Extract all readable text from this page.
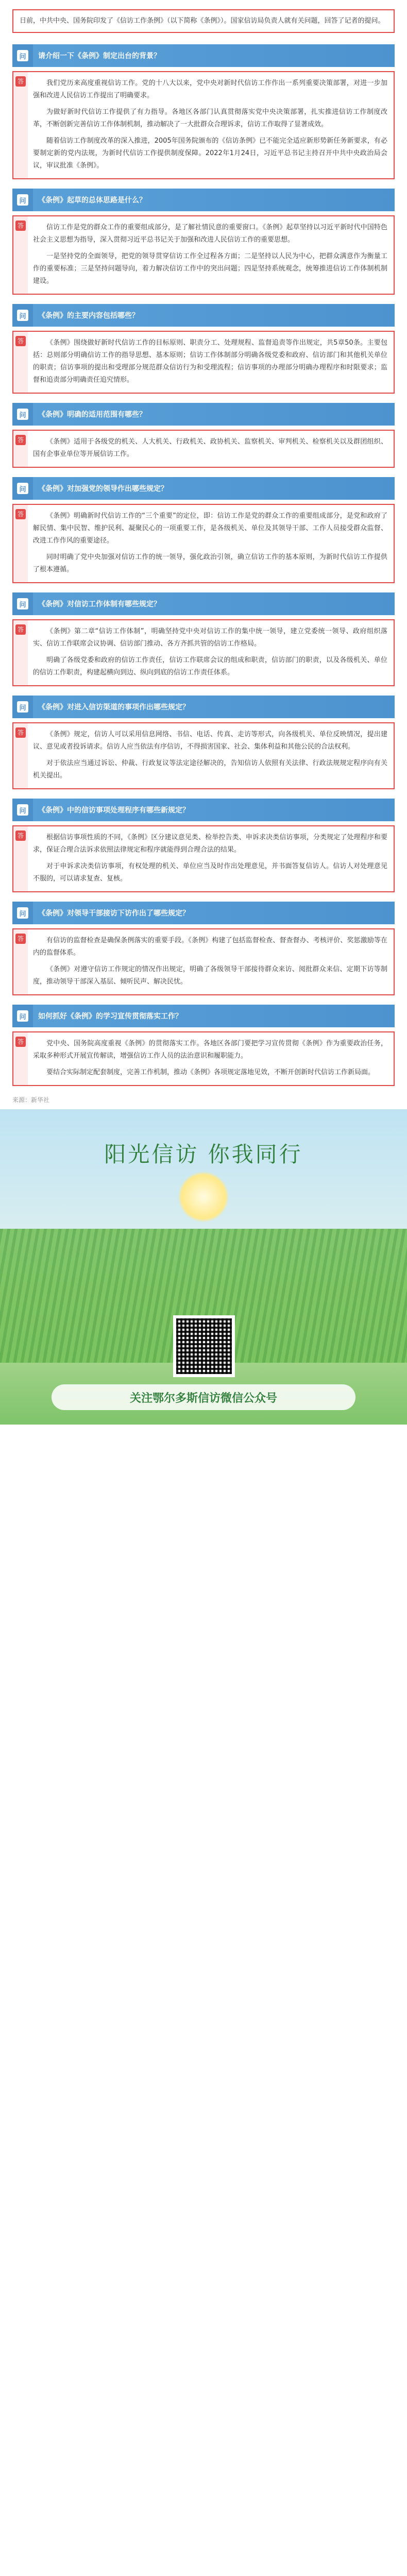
日前，中共中央、国务院印发了《信访工作条例》（以下简称《条例》）。国家信访局负责人就有关问题，回答了记者的提问。
问	请介绍一下《条例》制定出台的背景？
答	我们党历来高度重视信访工作。党的十八大以来，党中央对新时代信访工作作出一系列重要决策部署，对进一步加强和改进人民信访工作提出了明确要求。

为做好新时代信访工作提供了有力指导。各地区各部门认真贯彻落实党中央决策部署，扎实推进信访工作制度改革，不断创新完善信访工作体制机制，推动解决了一大批群众合理诉求，信访工作取得了显著成效。

随着信访工作制度改革的深入推进，2005年国务院颁布的《信访条例》已不能完全适应新形势新任务新要求，有必要制定新的党内法规，为新时代信访工作提供制度保障。2022年1月24日，习近平总书记主持召开中共中央政治局会议，审议批准《条例》。

问	《条例》起草的总体思路是什么？
答	信访工作是党的群众工作的重要组成部分，是了解社情民意的重要窗口。《条例》起草坚持以习近平新时代中国特色社会主义思想为指导，深入贯彻习近平总书记关于加强和改进人民信访工作的重要思想。

一是坚持党的全面领导，把党的领导贯穿信访工作全过程各方面；二是坚持以人民为中心，把群众满意作为衡量工作的重要标准；三是坚持问题导向，着力解决信访工作中的突出问题；四是坚持系统观念，统筹推进信访工作体制机制建设。

问	《条例》的主要内容包括哪些？
答	《条例》围绕做好新时代信访工作的目标原则、职责分工、处理规程、监督追责等作出规定，共5章50条。主要包括：总则部分明确信访工作的指导思想、基本原则；信访工作体制部分明确各级党委和政府、信访部门和其他机关单位的职责；信访事项的提出和受理部分规范群众信访行为和受理流程；信访事项的办理部分明确办理程序和时限要求；监督和追责部分明确责任追究情形。

问	《条例》明确的适用范围有哪些？
答	《条例》适用于各级党的机关、人大机关、行政机关、政协机关、监察机关、审判机关、检察机关以及群团组织、国有企事业单位等开展信访工作。

问	《条例》对加强党的领导作出哪些规定？
答	《条例》明确新时代信访工作的“三个重要”的定位，即：信访工作是党的群众工作的重要组成部分，是党和政府了解民情、集中民智、维护民利、凝聚民心的一项重要工作，是各级机关、单位及其领导干部、工作人员接受群众监督、改进工作作风的重要途径。

同时明确了党中央加强对信访工作的统一领导，强化政治引领，确立信访工作的基本原则，为新时代信访工作提供了根本遵循。

问	《条例》对信访工作体制有哪些规定？
答	《条例》第二章“信访工作体制”，明确坚持党中央对信访工作的集中统一领导，建立党委统一领导、政府组织落实、信访工作联席会议协调、信访部门推动、各方齐抓共管的信访工作格局。

明确了各级党委和政府的信访工作责任，信访工作联席会议的组成和职责，信访部门的职责，以及各级机关、单位的信访工作职责，构建起横向到边、纵向到底的信访工作责任体系。

问	《条例》对进入信访渠道的事项作出哪些规定？
答	《条例》规定，信访人可以采用信息网络、书信、电话、传真、走访等形式，向各级机关、单位反映情况，提出建议、意见或者投诉请求。信访人应当依法有序信访，不得损害国家、社会、集体利益和其他公民的合法权利。

对于依法应当通过诉讼、仲裁、行政复议等法定途径解决的，告知信访人依照有关法律、行政法规规定程序向有关机关提出。

问	《条例》中的信访事项处理程序有哪些新规定？
答	根据信访事项性质的不同，《条例》区分建议意见类、检举控告类、申诉求决类信访事项，分类规定了处理程序和要求，保证合理合法诉求依照法律规定和程序就能得到合理合法的结果。

对于申诉求决类信访事项，有权处理的机关、单位应当及时作出处理意见，并书面答复信访人。信访人对处理意见不服的，可以请求复查、复核。

问	《条例》对领导干部接访下访作出了哪些规定？
答	有信访的监督检查是确保条例落实的重要手段。《条例》构建了包括监督检查、督查督办、考核评价、奖惩激励等在内的监督体系。

《条例》对遵守信访工作规定的情况作出规定，明确了各级领导干部接待群众来访、阅批群众来信、定期下访等制度，推动领导干部深入基层、倾听民声、解决民忧。

问	如何抓好《条例》的学习宣传贯彻落实工作？
答	党中央、国务院高度重视《条例》的贯彻落实工作。各地区各部门要把学习宣传贯彻《条例》作为重要政治任务，采取多种形式开展宣传解读，增强信访工作人员的法治意识和履职能力。

要结合实际制定配套制度，完善工作机制，推动《条例》各项规定落地见效，不断开创新时代信访工作新局面。

来源：新华社
阳光信访 你我同行
关注鄂尔多斯信访微信公众号
